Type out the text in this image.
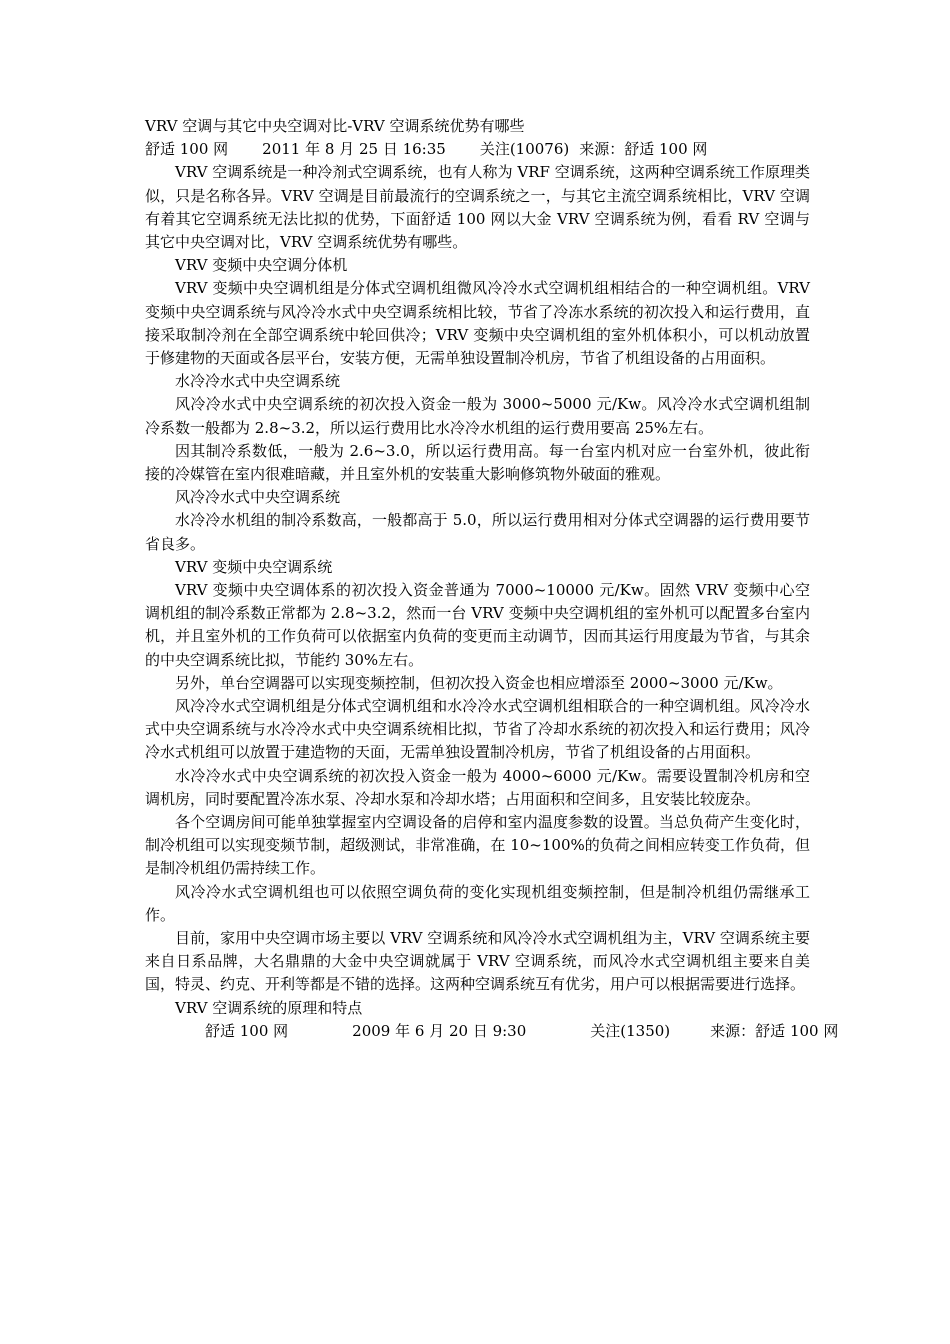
VRV 空调与其它中央空调对比-VRV 空调系统优势有哪些
舒适 100 网 2011 年 8 月 25 日 16:35 关注(10076) 来源：舒适 100 网

VRV 空调系统是一种冷剂式空调系统，也有人称为 VRF 空调系统，这两种空调系统工作原理类似，只是名称各异。VRV 空调是目前最流行的空调系统之一，与其它主流空调系统相比，VRV 空调有着其它空调系统无法比拟的优势，下面舒适 100 网以大金 VRV 空调系统为例，看看 RV 空调与其它中央空调对比，VRV 空调系统优势有哪些。

VRV 变频中央空调分体机

VRV 变频中央空调机组是分体式空调机组微风冷冷水式空调机组相结合的一种空调机组。VRV 变频中央空调系统与风冷冷水式中央空调系统相比较，节省了冷冻水系统的初次投入和运行费用，直接采取制冷剂在全部空调系统中轮回供冷；VRV 变频中央空调机组的室外机体积小，可以机动放置于修建物的天面或各层平台，安装方便，无需单独设置制冷机房，节省了机组设备的占用面积。

水冷冷水式中央空调系统

风冷冷水式中央空调系统的初次投入资金一般为 3000~5000 元/Kw。风冷冷水式空调机组制冷系数一般都为 2.8~3.2，所以运行费用比水冷冷水机组的运行费用要高 25%左右。

因其制冷系数低，一般为 2.6~3.0，所以运行费用高。每一台室内机对应一台室外机，彼此衔接的冷媒管在室内很难暗藏，并且室外机的安装重大影响修筑物外破面的雅观。

风冷冷水式中央空调系统

水冷冷水机组的制冷系数高，一般都高于 5.0，所以运行费用相对分体式空调器的运行费用要节省良多。

VRV 变频中央空调系统

VRV 变频中央空调体系的初次投入资金普通为 7000~10000 元/Kw。固然 VRV 变频中心空调机组的制冷系数正常都为 2.8~3.2，然而一台 VRV 变频中央空调机组的室外机可以配置多台室内机，并且室外机的工作负荷可以依据室内负荷的变更而主动调节，因而其运行用度最为节省，与其余的中央空调系统比拟，节能约 30%左右。

另外，单台空调器可以实现变频控制，但初次投入资金也相应增添至 2000~3000 元/Kw。

风冷冷水式空调机组是分体式空调机组和水冷冷水式空调机组相联合的一种空调机组。风冷冷水式中央空调系统与水冷冷水式中央空调系统相比拟，节省了冷却水系统的初次投入和运行费用；风冷冷水式机组可以放置于建造物的天面，无需单独设置制冷机房，节省了机组设备的占用面积。

水冷冷水式中央空调系统的初次投入资金一般为 4000~6000 元/Kw。需要设置制冷机房和空调机房，同时要配置冷冻水泵、冷却水泵和冷却水塔；占用面积和空间多，且安装比较庞杂。

各个空调房间可能单独掌握室内空调设备的启停和室内温度参数的设置。当总负荷产生变化时，制冷机组可以实现变频节制，超级测试，非常准确，在 10~100%的负荷之间相应转变工作负荷，但是制冷机组仍需持续工作。

风冷冷水式空调机组也可以依照空调负荷的变化实现机组变频控制，但是制冷机组仍需继承工作。

目前，家用中央空调市场主要以 VRV 空调系统和风冷冷水式空调机组为主，VRV 空调系统主要来自日系品牌，大名鼎鼎的大金中央空调就属于 VRV 空调系统，而风冷水式空调机组主要来自美国，特灵、约克、开利等都是不错的选择。这两种空调系统互有优劣，用户可以根据需要进行选择。

VRV 空调系统的原理和特点

舒适 100 网	2009 年 6 月 20 日 9:30	关注(1350)	来源：舒适 100 网
